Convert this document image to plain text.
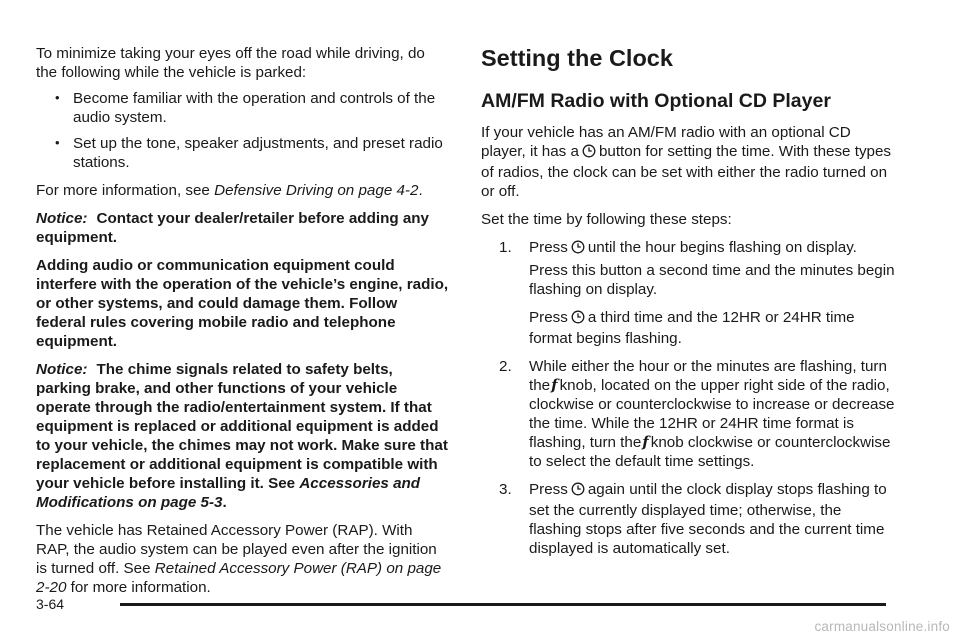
To minimize taking your eyes off the road while driving, do the following while the vehicle is parked:

• Become familiar with the operation and controls of the audio system.

• Set up the tone, speaker adjustments, and preset radio stations.

For more information, see Defensive Driving on page 4-2.

Notice: Contact your dealer/retailer before adding any equipment.

Adding audio or communication equipment could interfere with the operation of the vehicle’s engine, radio, or other systems, and could damage them. Follow federal rules covering mobile radio and telephone equipment.

Notice: The chime signals related to safety belts, parking brake, and other functions of your vehicle operate through the radio/entertainment system. If that equipment is replaced or additional equipment is added to your vehicle, the chimes may not work. Make sure that replacement or additional equipment is compatible with your vehicle before installing it. See Accessories and Modifications on page 5-3.

The vehicle has Retained Accessory Power (RAP). With RAP, the audio system can be played even after the ignition is turned off. See Retained Accessory Power (RAP) on page 2-20 for more information.

Setting the Clock
AM/FM Radio with Optional CD Player

If your vehicle has an AM/FM radio with an optional CD player, it has a button for setting the time. With these types of radios, the clock can be set with either the radio turned on or off.

Set the time by following these steps:

1. Press until the hour begins flashing on display.

Press this button a second time and the minutes begin flashing on display.

Press a third time and the 12HR or 24HR time format begins flashing.

2. While either the hour or the minutes are flashing, turn thef knob, located on the upper right side of the radio, clockwise or counterclockwise to increase or decrease the time. While the 12HR or 24HR time format is flashing, turn thef knob clockwise or counterclockwise to select the default time settings.

3. Press again until the clock display stops flashing to set the currently displayed time; otherwise, the flashing stops after five seconds and the current time displayed is automatically set.

3-64
carmanualsonline.info
